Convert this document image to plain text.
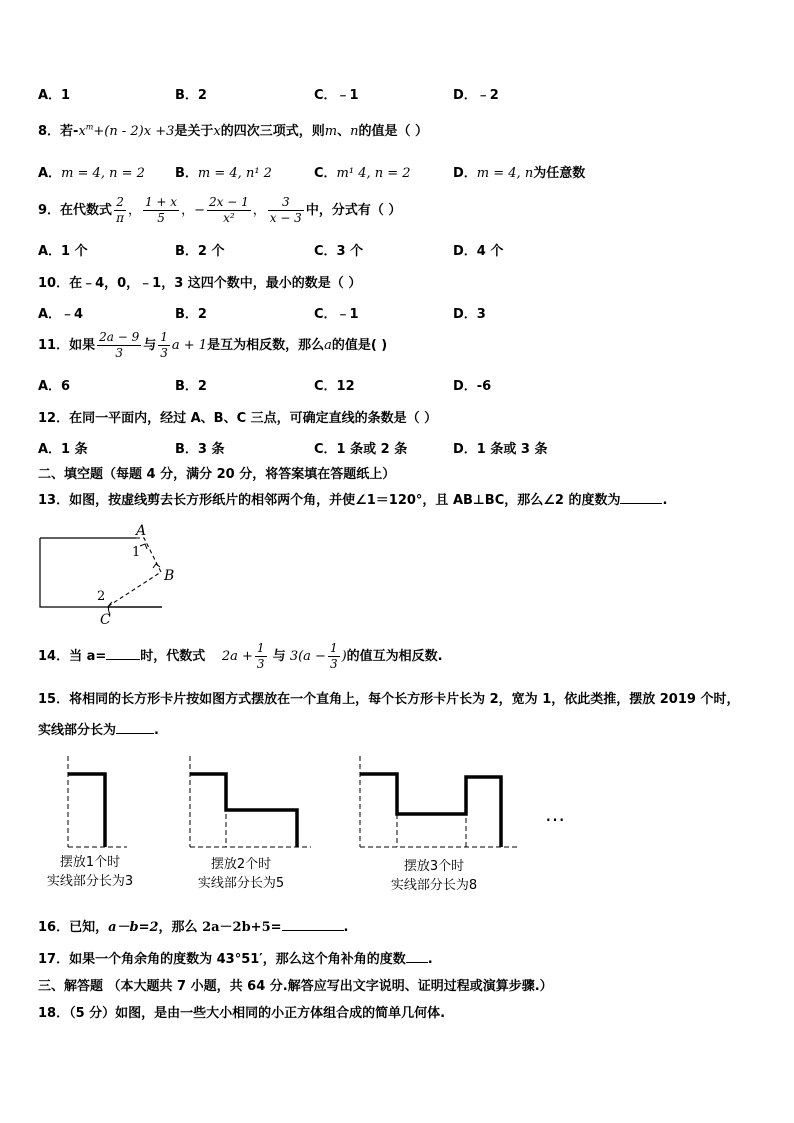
A．1	B．2	C．﹣1	D．﹣2
8．若$-x^m+(n - 2)x +3$是关于x的四次三项式，则m、n的值是（ ）
A．m = 4, n = 2 B．m = 4, n¹ 2	C．m¹ 4, n = 2	D．m = 4, n为任意数
9．在代数式 $\frac{2}{\pi}$ ， $\frac{1 + x}{5}$ ，− $\frac{2x - 1}{\text{x²}}$ ， $\frac{3}{x - 3}$ 中，分式有（ ）
A．1 个	B．2 个	C．3 个	D．4 个
10．在﹣4，0，﹣1，3 这四个数中，最小的数是（ ）
A．﹣4	B．2	C．﹣1	D．3
11．如果 $\frac{2a - 9}{3}$ 与 $\frac{1}{3}$ a + 1是互为相反数，那么a的值是( )
A．6	B．2	C．12	D．-6
12．在同一平面内，经过 A、B、C 三点，可确定直线的条数是（ ）
A．1 条	B．3 条	C．1 条或 2 条	D．1 条或 3 条
二、填空题（每题 4 分，满分 20 分，将答案填在答题纸上）
13．如图，按虚线剪去长方形纸片的相邻两个角，并使∠1＝120°，且 AB⊥BC，那么∠2 的度数为	.
A
1
B
2
C
14．当 a=	时，代数式 $2a + \frac{1}{3}$ 与 $3(a - \frac{1}{3}$ )的值互为相反数.
15．将相同的长方形卡片按如图方式摆放在一个直角上，每个长方形卡片长为 2，宽为 1，依此类推，摆放 2019 个时，
实线部分长为	.
…
摆放1个时
实线部分长为3
摆放2个时
实线部分长为5
摆放3个时
实线部分长为8
16．已知，a－b=2，那么 2a－2b+5=	.
17．如果一个角余角的度数为 43°51′，那么这个角补角的度数 .
三、解答题 （本大题共 7 小题，共 64 分.解答应写出文字说明、证明过程或演算步骤.）
18．（5 分）如图，是由一些大小相同的小正方体组合成的简单几何体.
